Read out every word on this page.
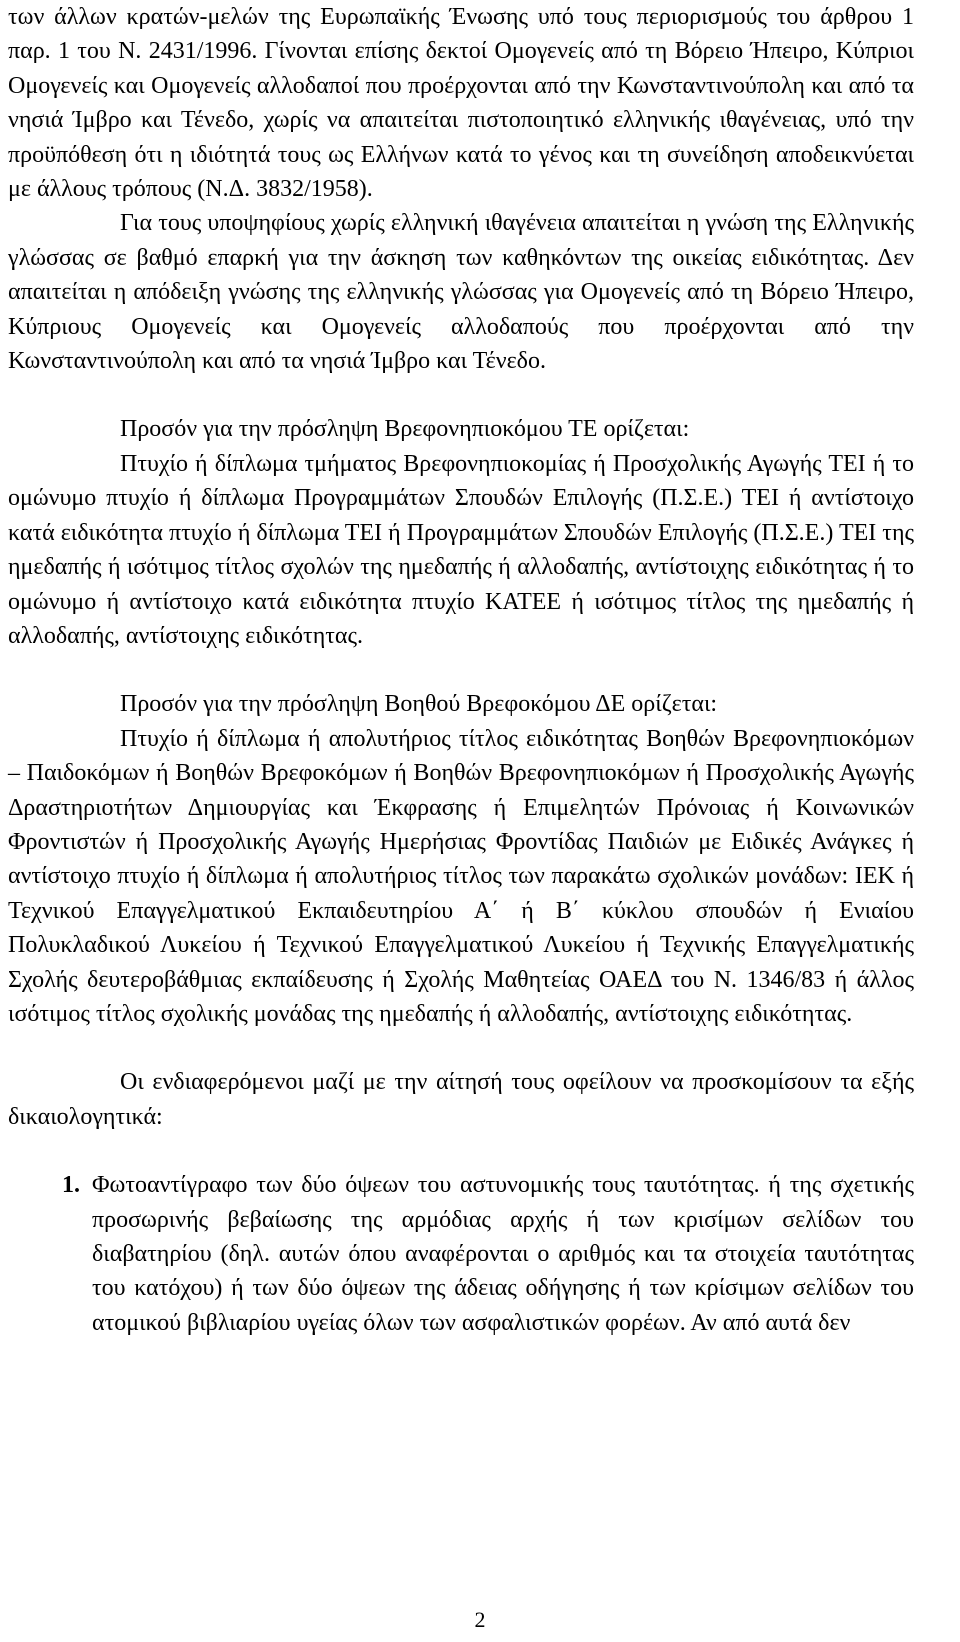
των άλλων κρατών-μελών της Ευρωπαϊκής Ένωσης υπό τους περιορισμούς του άρθρου 1 παρ. 1 του Ν. 2431/1996. Γίνονται επίσης δεκτοί Ομογενείς από τη Βόρειο Ήπειρο, Κύπριοι Ομογενείς και Ομογενείς αλλοδαποί που προέρχονται από την Κωνσταντινούπολη και από τα νησιά Ίμβρο και Τένεδο, χωρίς να απαιτείται πιστοποιητικό ελληνικής ιθαγένειας, υπό την προϋπόθεση ότι η ιδιότητά τους ως Ελλήνων κατά το γένος και τη συνείδηση αποδεικνύεται με άλλους τρόπους (Ν.Δ. 3832/1958).

Για τους υποψηφίους χωρίς ελληνική ιθαγένεια απαιτείται η γνώση της Ελληνικής γλώσσας σε βαθμό επαρκή για την άσκηση των καθηκόντων της οικείας ειδικότητας. Δεν απαιτείται η απόδειξη γνώσης της ελληνικής γλώσσας για Ομογενείς από τη Βόρειο Ήπειρο, Κύπριους Ομογενείς και Ομογενείς αλλοδαπούς που προέρχονται από την Κωνσταντινούπολη και από τα νησιά Ίμβρο και Τένεδο.

Προσόν για την πρόσληψη Βρεφονηπιοκόμου ΤΕ ορίζεται:

Πτυχίο ή δίπλωμα τμήματος Βρεφονηπιοκομίας ή Προσχολικής Αγωγής ΤΕΙ ή το ομώνυμο πτυχίο ή δίπλωμα Προγραμμάτων Σπουδών Επιλογής (Π.Σ.Ε.) ΤΕΙ ή αντίστοιχο κατά ειδικότητα πτυχίο ή δίπλωμα ΤΕΙ ή Προγραμμάτων Σπουδών Επιλογής (Π.Σ.Ε.) ΤΕΙ της ημεδαπής ή ισότιμος τίτλος σχολών της ημεδαπής ή αλλοδαπής, αντίστοιχης ειδικότητας ή το ομώνυμο ή αντίστοιχο κατά ειδικότητα πτυχίο ΚΑΤΕΕ ή ισότιμος τίτλος της ημεδαπής ή αλλοδαπής, αντίστοιχης ειδικότητας.

Προσόν για την πρόσληψη Βοηθού Βρεφοκόμου ΔΕ ορίζεται:

Πτυχίο ή δίπλωμα ή απολυτήριος τίτλος ειδικότητας Βοηθών Βρεφονηπιοκόμων – Παιδοκόμων ή Βοηθών Βρεφοκόμων ή Βοηθών Βρεφονηπιοκόμων ή Προσχολικής Αγωγής Δραστηριοτήτων Δημιουργίας και Έκφρασης ή Επιμελητών Πρόνοιας ή Κοινωνικών Φροντιστών ή Προσχολικής Αγωγής Ημερήσιας Φροντίδας Παιδιών με Ειδικές Ανάγκες ή αντίστοιχο πτυχίο ή δίπλωμα ή απολυτήριος τίτλος των παρακάτω σχολικών μονάδων: ΙΕΚ ή Τεχνικού Επαγγελματικού Εκπαιδευτηρίου Α΄ ή Β΄ κύκλου σπουδών ή Ενιαίου Πολυκλαδικού Λυκείου ή Τεχνικού Επαγγελματικού Λυκείου ή Τεχνικής Επαγγελματικής Σχολής δευτεροβάθμιας εκπαίδευσης ή Σχολής Μαθητείας ΟΑΕΔ του Ν. 1346/83 ή άλλος ισότιμος τίτλος σχολικής μονάδας της ημεδαπής ή αλλοδαπής, αντίστοιχης ειδικότητας.

Οι ενδιαφερόμενοι μαζί με την αίτησή τους οφείλουν να προσκομίσουν τα εξής δικαιολογητικά:

1. Φωτοαντίγραφο των δύο όψεων του αστυνομικής τους ταυτότητας. ή της σχετικής προσωρινής βεβαίωσης της αρμόδιας αρχής ή των κρισίμων σελίδων του διαβατηρίου (δηλ. αυτών όπου αναφέρονται ο αριθμός και τα στοιχεία ταυτότητας του κατόχου) ή των δύο όψεων της άδειας οδήγησης ή των κρίσιμων σελίδων του ατομικού βιβλιαρίου υγείας όλων των ασφαλιστικών φορέων. Αν από αυτά δεν
2
